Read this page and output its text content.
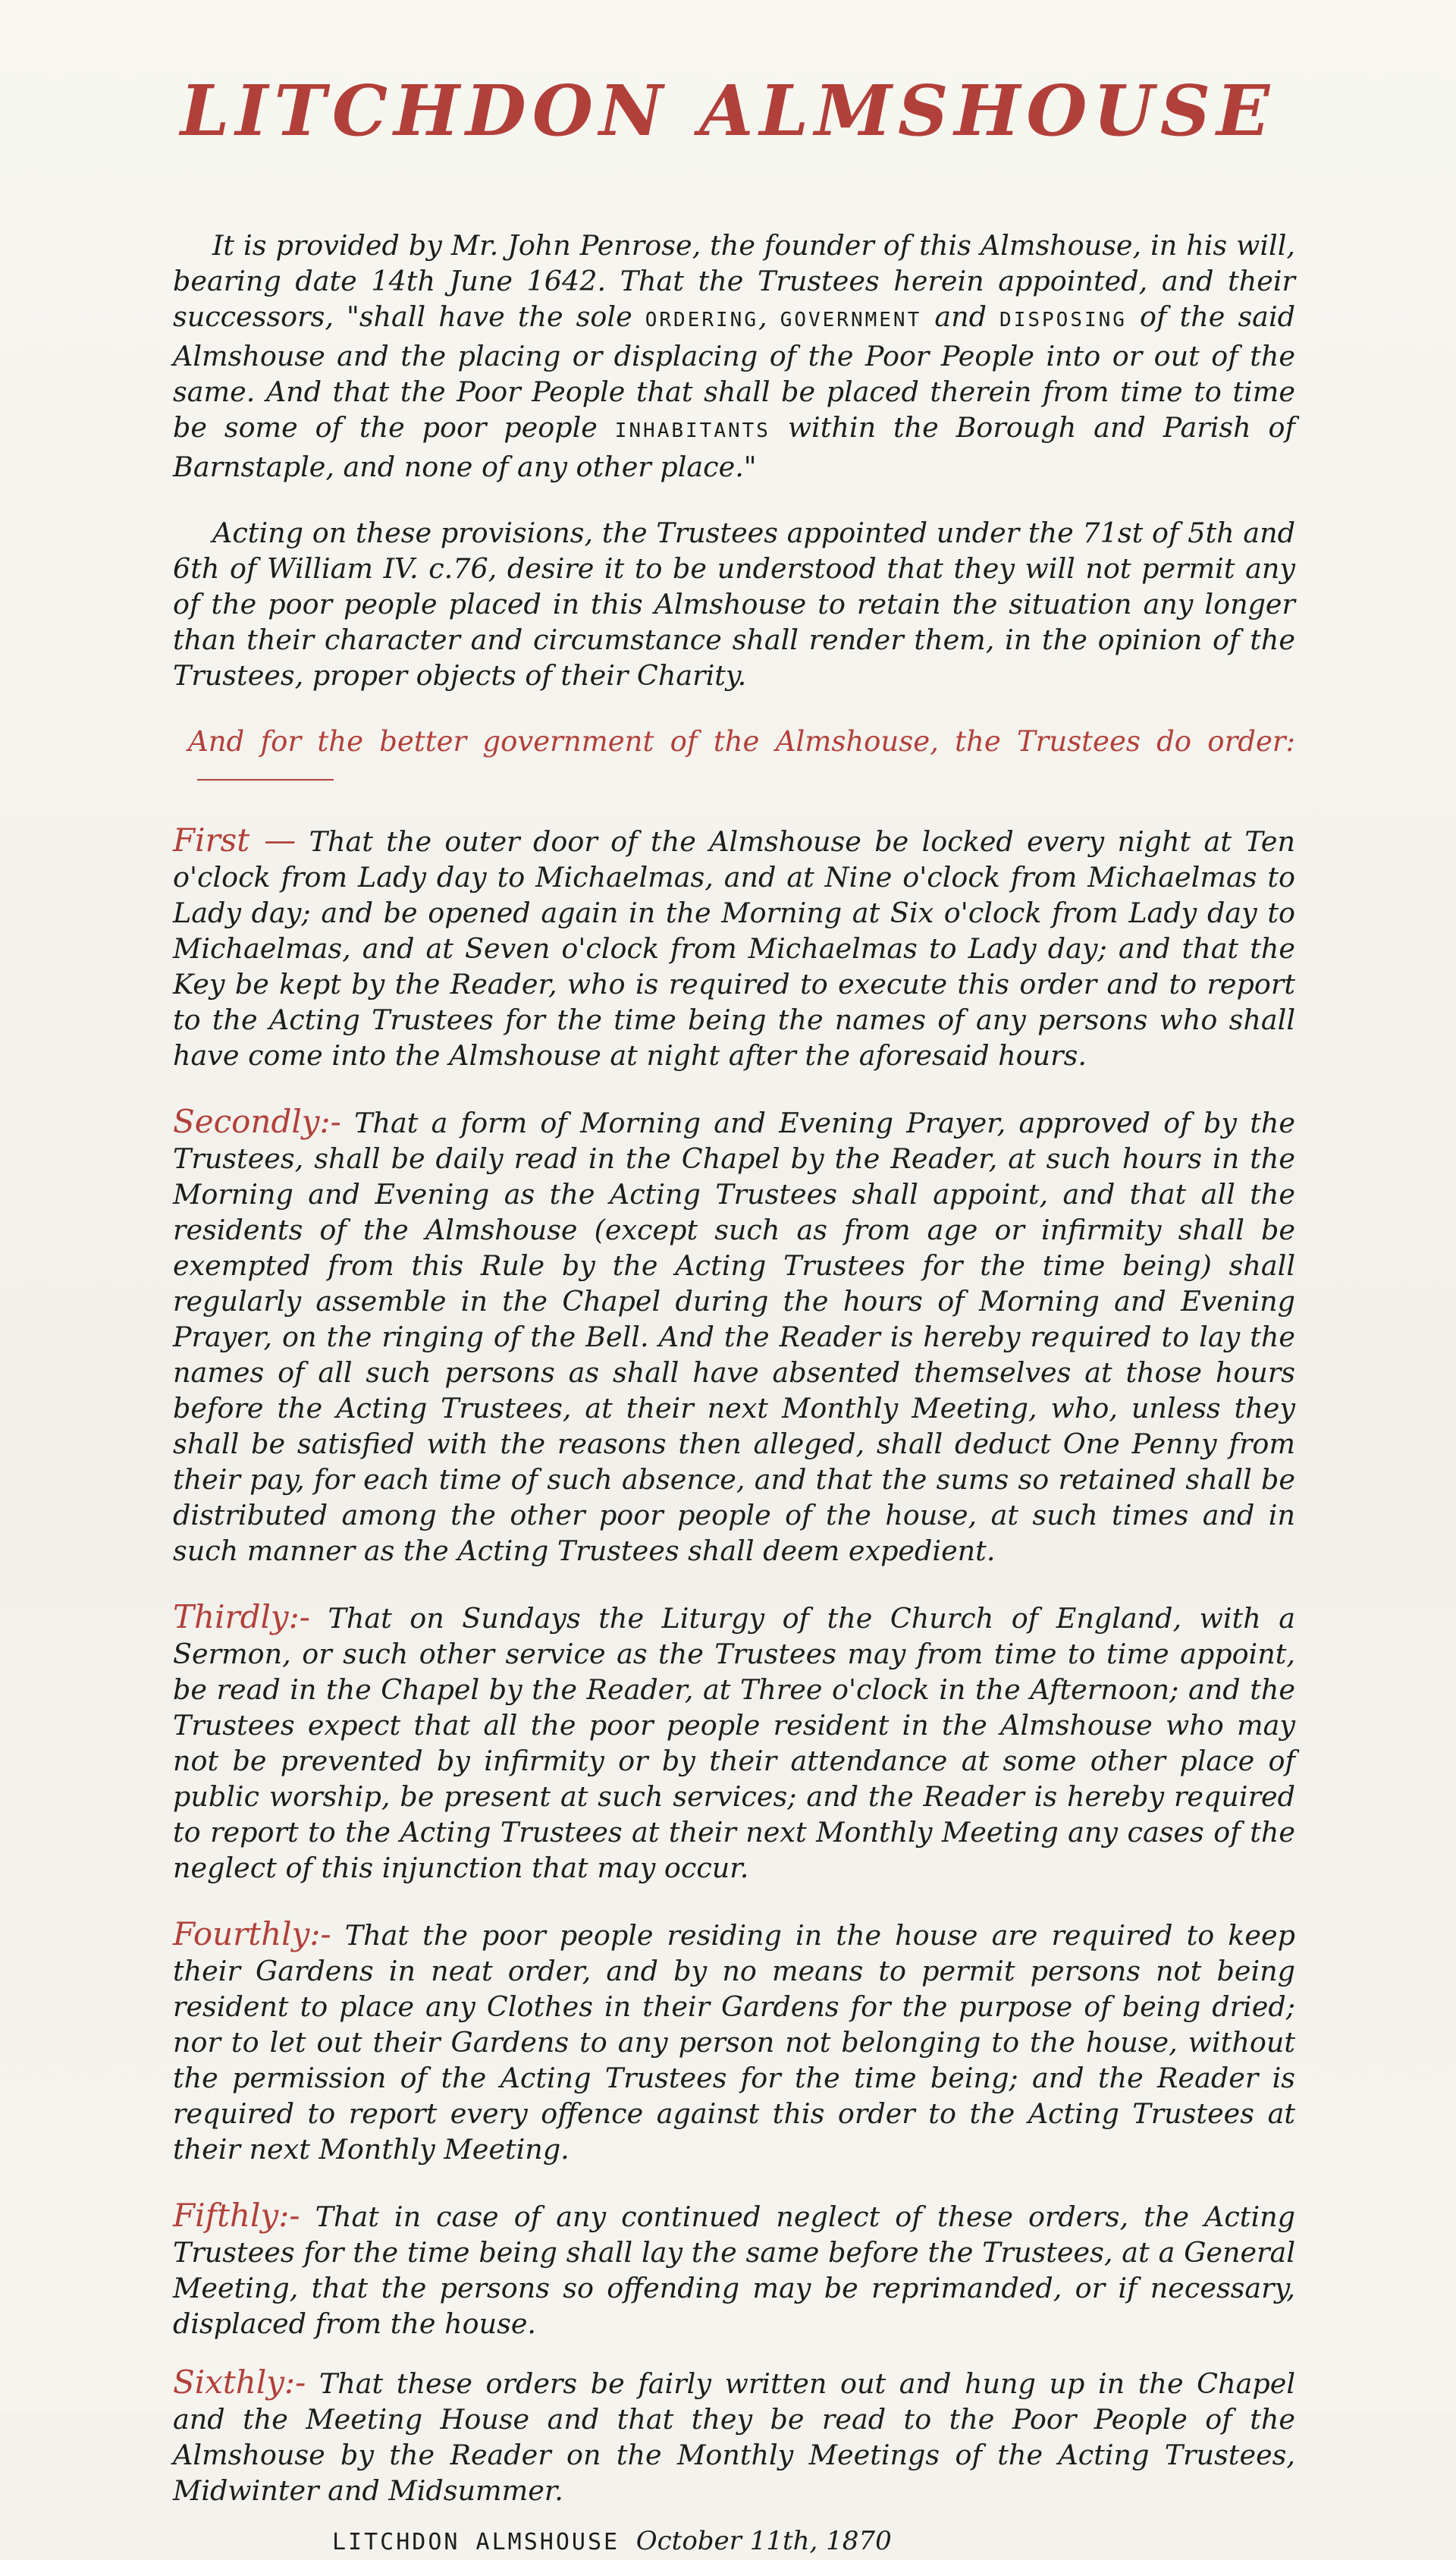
LITCHDON ALMSHOUSE

It is provided by Mr. John Penrose, the founder of this Almshouse, in his will, bearing date 14th June 1642. That the Trustees herein appointed, and their successors, "shall have the sole ORDERING, GOVERNMENT and DISPOSING of the said Almshouse and the placing or displacing of the Poor People into or out of the same. And that the Poor People that shall be placed therein from time to time be some of the poor people INHABITANTS within the Borough and Parish of Barnstaple, and none of any other place."

Acting on these provisions, the Trustees appointed under the 71st of 5th and 6th of William IV. c.76, desire it to be understood that they will not permit any of the poor people placed in this Almshouse to retain the situation any longer than their character and circumstance shall render them, in the opinion of the Trustees, proper objects of their Charity.

And for the better government of the Almshouse, the Trustees do order:

First — That the outer door of the Almshouse be locked every night at Ten o'clock from Lady day to Michaelmas, and at Nine o'clock from Michaelmas to Lady day; and be opened again in the Morning at Six o'clock from Lady day to Michaelmas, and at Seven o'clock from Michaelmas to Lady day; and that the Key be kept by the Reader, who is required to execute this order and to report to the Acting Trustees for the time being the names of any persons who shall have come into the Almshouse at night after the aforesaid hours.

Secondly:- That a form of Morning and Evening Prayer, approved of by the Trustees, shall be daily read in the Chapel by the Reader, at such hours in the Morning and Evening as the Acting Trustees shall appoint, and that all the residents of the Almshouse (except such as from age or infirmity shall be exempted from this Rule by the Acting Trustees for the time being) shall regularly assemble in the Chapel during the hours of Morning and Evening Prayer, on the ringing of the Bell. And the Reader is hereby required to lay the names of all such persons as shall have absented themselves at those hours before the Acting Trustees, at their next Monthly Meeting, who, unless they shall be satisfied with the reasons then alleged, shall deduct One Penny from their pay, for each time of such absence, and that the sums so retained shall be distributed among the other poor people of the house, at such times and in such manner as the Acting Trustees shall deem expedient.

Thirdly:- That on Sundays the Liturgy of the Church of England, with a Sermon, or such other service as the Trustees may from time to time appoint, be read in the Chapel by the Reader, at Three o'clock in the Afternoon; and the Trustees expect that all the poor people resident in the Almshouse who may not be prevented by infirmity or by their attendance at some other place of public worship, be present at such services; and the Reader is hereby required to report to the Acting Trustees at their next Monthly Meeting any cases of the neglect of this injunction that may occur.

Fourthly:- That the poor people residing in the house are required to keep their Gardens in neat order, and by no means to permit persons not being resident to place any Clothes in their Gardens for the purpose of being dried; nor to let out their Gardens to any person not belonging to the house, without the permission of the Acting Trustees for the time being; and the Reader is required to report every offence against this order to the Acting Trustees at their next Monthly Meeting.

Fifthly:- That in case of any continued neglect of these orders, the Acting Trustees for the time being shall lay the same before the Trustees, at a General Meeting, that the persons so offending may be reprimanded, or if necessary, displaced from the house.

Sixthly:- That these orders be fairly written out and hung up in the Chapel and the Meeting House and that they be read to the Poor People of the Almshouse by the Reader on the Monthly Meetings of the Acting Trustees, Midwinter and Midsummer.

LITCHDON ALMSHOUSE October 11th, 1870
